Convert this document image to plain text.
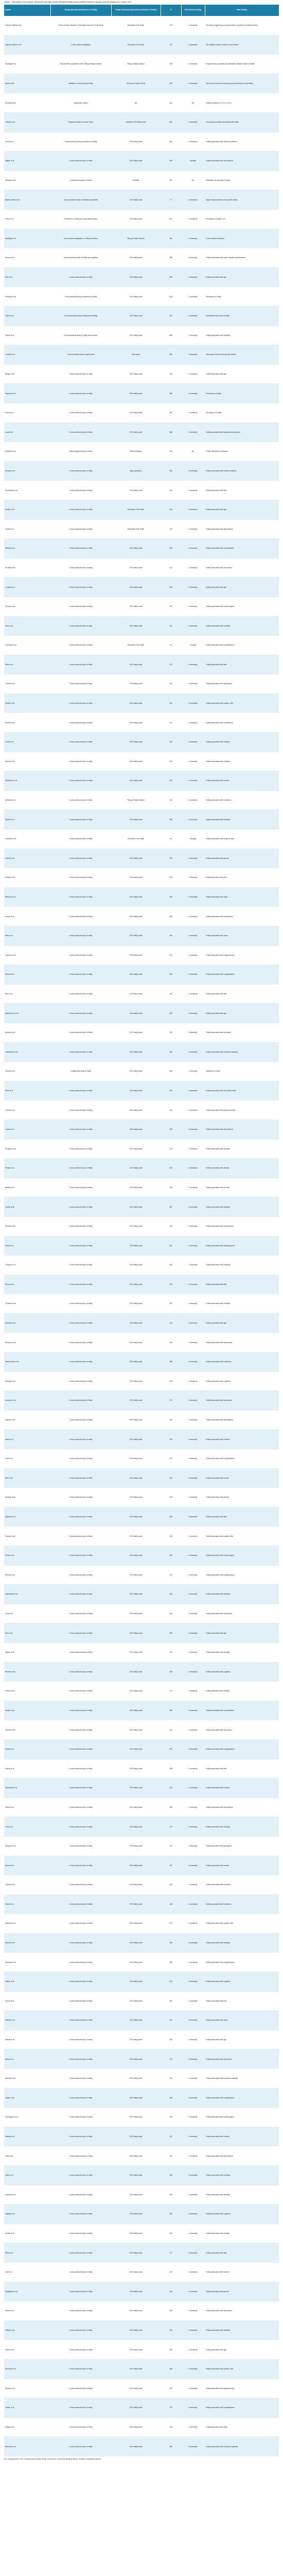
Chart 1 - Description of the sample, instruments and main results of Brazilian frailty studies published between January 2000 and August 2017. Brazil, 2017

Author	Design (prevalence/incidence of frailty)	Frailty Instrument (operational definition of frailty)	N	Recruitment setting	Main finding
Fabrício-Wehbe et al.	Cross-cultural validation of Brazilian Edmonton Frail Scale	Edmonton Frail Scale	137	Community	The study suggests good psychometric properties for Brazil version
Fabrício-Wehbe et al.	Cross-cultural adaptation	Edmonton Frail Scale	137	Community	The adapted scale is valid for use in Brazil
Santiago et al.	Psychometric properties of the Tilburg Frailty Indicator	Tilburg Frailty Indicator	478	Community	Psychometric properties and validation indicate scale is reliable
Nunes et al.	Validation of self-reported frailty	Self-report frailty (Fried)	433	Community	Self-report instrument showed good sensitivity and specificity
Da Mata et al.	Systematic review	NA	NA	NA	Frailty prevalence 6.7% to 74.1%
Tribess et al.	Physical activity as central factor	Modified CHS frailty scale	622	Community	Low physical activity associated with frailty
Closs et al.	Cross-sectional study association of frailty	CHS frailty scale	521	Community	Frailty associated with clinical conditions
Miguel et al.	Cross-sectional study of frailty	CHS frailty scale	259	Hospital	Frailty associated with dependence
Andrade et al.	Conceptual analysis of frailty	Concept	NA	NA	Reflection on concepts of frailty
Batista-Vieira et al.	Cross-sectional study in Brazilian population	CHS frailty scale	77	Community	Higher blood pressure among frail elderly
Vieira et al.	Prevalence of frailty and associated factors	CHS frailty scale	601	Community	Prevalence of frailty 9.1%
Santiago et al.	Cross-cultural adaptation of Tilburg indicator	Tilburg Frailty Indicator	NA	Community	Cross-cultural validation
Souza et al.	Cross-sectional study of frailty and cognition	CHS frailty scale	338	Community	Frailty associated with lower cognitive performance
Neri et al.	Cross-sectional study of frailty	CHS frailty scale	384	Community	Frailty associated with age
Pedrazzi et al.	Cross-sectional study prevalence of frailty	CHS frailty scale	2,112	Community	Prevalence of frailty
Fattori et al.	Cross-sectional study of frailty and mobility	CHS frailty scale	327	Community	Frail elderly had lower mobility
Fattori et al.	Cross-sectional study of frailty and function	CHS frailty scale	688	Community	Frailty associated with disability
Lenardt et al.	Cross-sectional study of gait speed	Gait speed	250	Community	Gait speed reduced among frail elderly
Borges et al.	Cross-sectional study of frailty	CHS frailty scale	160	Community	Frailty associated with age
Pegorari et al.	Cross-sectional study of frailty	CHS frailty scale	958	Community	Prevalence of frailty
Vieira et al.	Cross-sectional study of frailty	CHS frailty scale	601	Community	Prevalence of frailty
Lana et al.	Cross-sectional study of frailty	CHS frailty scale	386	Community	Frailty associated with depressive symptoms
Andrade et al.	Methodological study of frailty	Methodological	NA	NA	Frailty instruments reviewed
Moraes et al.	Cross-sectional study of frailty	Eight questions	394	Community	Frailty associated with health conditions
Fernandes et al.	Cross-sectional study of frailty	CHS frailty scale	100	Community	Frailty associated with falls
Duarte et al.	Cross-sectional study of frailty	Edmonton Frail Scale	240	Community	Frailty associated with age
Farias et al.	Cross-sectional study of frailty	Edmonton Frail Scale	124	Community	Frailty associated with dependence
Oliveira et al.	Cross-sectional study of frailty	CHS frailty scale	326	Community	Frailty associated with comorbidities
da Silva et al.	Cross-sectional study of frailty	CHS frailty scale	411	Community	Frailty associated with sarcopenia
Lenardt et al.	Cross-sectional study of frailty	CHS frailty scale	203	Community	Frailty associated with age
Ferreira et al.	Cross-sectional study of frailty	CHS frailty scale	311	Community	Frailty associated with social support
Pires et al.	Cross-sectional study of frailty	CHS frailty scale	121	Community	Frailty associated with mortality
Lourenço et al.	Cross-sectional study of frailty	Edmonton Frail Scale	60	Hospital	Frailty associated with hospitalization
Silva et al.	Cross-sectional study of frailty	CHS frailty scale	172	Community	Frailty associated with falls
Teixeira et al.	Cross-sectional study of frailty	CHS frailty scale	191	Community	Frailty associated with depression
Soares et al.	Cross-sectional study of frailty	CHS frailty scale	312	Community	Frailty associated with quality of life
Pereira et al.	Cross-sectional study of frailty	CHS frailty scale	167	Community	Frailty associated with medications
Costa et al.	Cross-sectional study of frailty	CHS frailty scale	120	Community	Frailty associated with nutrition
Ribeiro et al.	Cross-sectional study of frailty	CHS frailty scale	230	Community	Frailty associated with cognition
Rodrigues et al.	Cross-sectional study of frailty	CHS frailty scale	244	Community	Frailty associated with income
Almeida et al.	Cross-sectional study of frailty	Tilburg Frailty Indicator	130	Community	Frailty associated with loneliness
Santos et al.	Cross-sectional study of frailty	CHS frailty scale	350	Community	Frailty associated with disability
Carvalho et al.	Cross-sectional study of frailty	Edmonton Frail Scale	90	Hospital	Frailty associated with length of stay
Gomes et al.	Cross-sectional study of frailty	CHS frailty scale	278	Community	Frailty associated with gender
Martins et al.	Cross-sectional study of frailty	CHS frailty scale	205	Community	Frailty associated with pain
Barbosa et al.	Cross-sectional study of frailty	CHS frailty scale	153	Community	Frailty associated with sleep
Araújo et al.	Cross-sectional study of frailty	CHS frailty scale	268	Community	Frailty associated with hearing loss
Melo et al.	Cross-sectional study of frailty	CHS frailty scale	182	Community	Frailty associated with vision
Cardoso et al.	Cross-sectional study of frailty	CHS frailty scale	141	Community	Frailty associated with polypharmacy
Rocha et al.	Cross-sectional study of frailty	CHS frailty scale	226	Community	Frailty associated with hospitalization
Dias et al.	Cross-sectional study of frailty	CHS frailty scale	197	Community	Frailty associated with falls
Nascimento et al.	Cross-sectional study of frailty	CHS frailty scale	264	Community	Frailty associated with age
Moreira et al.	Cross-sectional study of frailty	CHS frailty scale	109	Community	Frailty associated with education
Cavalcante et al.	Cross-sectional study of frailty	CHS frailty scale	288	Community	Frailty associated with functional capacity
Teixeira et al.	Longitudinal study of frailty	CHS frailty scale	380	Community	Incidence of frailty
Pinto et al.	Cross-sectional study of frailty	CHS frailty scale	154	Community	Frailty associated with self-rated health
Correia et al.	Cross-sectional study of frailty	CHS frailty scale	213	Community	Frailty associated with physical activity
Lopes et al.	Cross-sectional study of frailty	CHS frailty scale	199	Community	Frailty associated with dependence
Monteiro et al.	Cross-sectional study of frailty	CHS frailty scale	176	Community	Frailty associated with strength
Freitas et al.	Cross-sectional study of frailty	CHS frailty scale	242	Community	Frailty associated with obesity
Batista et al.	Cross-sectional study of frailty	CHS frailty scale	135	Community	Frailty associated with anemia
Cunha et al.	Cross-sectional study of frailty	CHS frailty scale	257	Community	Frailty associated with diabetes
Mendes et al.	Cross-sectional study of frailty	CHS frailty scale	168	Community	Frailty associated with hypertension
Viana et al.	Cross-sectional study of frailty	CHS frailty scale	221	Community	Frailty associated with walking speed
Campos et al.	Cross-sectional study of frailty	CHS frailty scale	300	Community	Frailty associated with disability
Moura et al.	Cross-sectional study of frailty	CHS frailty scale	116	Community	Frailty associated with falls
Fonseca et al.	Cross-sectional study of frailty	CHS frailty scale	187	Community	Frailty associated with mortality
Andrade et al.	Cross-sectional study of frailty	CHS frailty scale	142	Community	Frailty associated with age
Pacheco et al.	Cross-sectional study of frailty	CHS frailty scale	231	Community	Frailty associated with widowhood
Vasconcelos et al.	Cross-sectional study of frailty	CHS frailty scale	158	Community	Frailty associated with loneliness
Miranda et al.	Cross-sectional study of frailty	CHS frailty scale	249	Community	Frailty associated with cognition
Azevedo et al.	Cross-sectional study of frailty	CHS frailty scale	174	Community	Frailty associated with depression
Queiroz et al.	Cross-sectional study of frailty	CHS frailty scale	209	Community	Frailty associated with dependence
Sales et al.	Cross-sectional study of frailty	CHS frailty scale	133	Community	Frailty associated with nutrition
Leite et al.	Cross-sectional study of frailty	CHS frailty scale	271	Community	Frailty associated with hospitalization
Brito et al.	Cross-sectional study of frailty	CHS frailty scale	192	Community	Frailty associated with income
Macedo et al.	Cross-sectional study of frailty	CHS frailty scale	146	Community	Frailty associated with gender
Siqueira et al.	Cross-sectional study of frailty	CHS frailty scale	238	Community	Frailty associated with falls
Tavares et al.	Cross-sectional study of frailty	CHS frailty scale	263	Community	Frailty associated with quality of life
Xavier et al.	Cross-sectional study of frailty	CHS frailty scale	181	Community	Frailty associated with social support
Peixoto et al.	Cross-sectional study of frailty	CHS frailty scale	127	Community	Frailty associated with polypharmacy
Guimarães et al.	Cross-sectional study of frailty	CHS frailty scale	218	Community	Frailty associated with disability
Cruz et al.	Cross-sectional study of frailty	CHS frailty scale	164	Community	Frailty associated with sarcopenia
Reis et al.	Cross-sectional study of frailty	CHS frailty scale	254	Community	Frailty associated with age
Aguiar et al.	Cross-sectional study of frailty	CHS frailty scale	139	Community	Frailty associated with strength
Bezerra et al.	Cross-sectional study of frailty	CHS frailty scale	226	Community	Frailty associated with cognition
Coelho et al.	Cross-sectional study of frailty	CHS frailty scale	171	Community	Frailty associated with mobility
Duarte et al.	Cross-sectional study of frailty	CHS frailty scale	208	Community	Frailty associated with comorbidities
Esteves et al.	Cross-sectional study of frailty	CHS frailty scale	152	Community	Frailty associated with depression
Farias et al.	Cross-sectional study of frailty	CHS frailty scale	297	Community	Frailty associated with hospitalization
Garcia et al.	Cross-sectional study of frailty	CHS frailty scale	185	Community	Frailty associated with falls
Henriques et al.	Cross-sectional study of frailty	CHS frailty scale	123	Community	Frailty associated with nutrition
Jesus et al.	Cross-sectional study of frailty	CHS frailty scale	246	Community	Frailty associated with dependence
Lima et al.	Cross-sectional study of frailty	CHS frailty scale	179	Community	Frailty associated with mortality
Marques et al.	Cross-sectional study of frailty	CHS frailty scale	212	Community	Frailty associated with gait speed
Neves et al.	Cross-sectional study of frailty	CHS frailty scale	167	Community	Frailty associated with income
Oliveira et al.	Cross-sectional study of frailty	CHS frailty scale	233	Community	Frailty associated with education
Paiva et al.	Cross-sectional study of frailty	CHS frailty scale	148	Community	Frailty associated with loneliness
Quintela et al.	Cross-sectional study of frailty	CHS frailty scale	276	Community	Frailty associated with quality of life
Ramos et al.	Cross-sectional study of frailty	CHS frailty scale	196	Community	Frailty associated with disability
Sampaio et al.	Cross-sectional study of frailty	CHS frailty scale	159	Community	Frailty associated with polypharmacy
Toledo et al.	Cross-sectional study of frailty	CHS frailty scale	224	Community	Frailty associated with cognition
Uchoa et al.	Cross-sectional study of frailty	CHS frailty scale	187	Community	Frailty associated with falls
Valente et al.	Cross-sectional study of frailty	CHS frailty scale	131	Community	Frailty associated with sleep
Zanetti et al.	Cross-sectional study of frailty	CHS frailty scale	258	Community	Frailty associated with age
Alves et al.	Cross-sectional study of frailty	CHS frailty scale	174	Community	Frailty associated with depression
Brandão et al.	Cross-sectional study of frailty	CHS frailty scale	215	Community	Frailty associated with functional capacity
Castro et al.	Cross-sectional study of frailty	CHS frailty scale	166	Community	Frailty associated with hospitalization
Domingues et al.	Cross-sectional study of frailty	CHS frailty scale	243	Community	Frailty associated with social support
Estrela et al.	Cross-sectional study of frailty	CHS frailty scale	137	Community	Frailty associated with nutrition
Faria et al.	Cross-sectional study of frailty	CHS frailty scale	229	Community	Frailty associated with dependence
Góes et al.	Cross-sectional study of frailty	CHS frailty scale	183	Community	Frailty associated with mortality
Holanda et al.	Cross-sectional study of frailty	CHS frailty scale	202	Community	Frailty associated with strength
Irigaray et al.	Cross-sectional study of frailty	CHS frailty scale	151	Community	Frailty associated with cognition
Jardim et al.	Cross-sectional study of frailty	CHS frailty scale	268	Community	Frailty associated with mobility
Klein et al.	Cross-sectional study of frailty	CHS frailty scale	177	Community	Frailty associated with falls
Leal et al.	Cross-sectional study of frailty	CHS frailty scale	219	Community	Frailty associated with income
Magalhães et al.	Cross-sectional study of frailty	CHS frailty scale	163	Community	Frailty associated with gender
Nobre et al.	Cross-sectional study of frailty	CHS frailty scale	236	Community	Frailty associated with depression
Orlandi et al.	Cross-sectional study of frailty	CHS frailty scale	144	Community	Frailty associated with disability
Prado et al.	Cross-sectional study of frailty	CHS frailty scale	251	Community	Frailty associated with age
Rezende et al.	Cross-sectional study of frailty	CHS frailty scale	188	Community	Frailty associated with quality of life
Silveira et al.	Cross-sectional study of frailty	CHS frailty scale	207	Community	Frailty associated with polypharmacy
Tomaz et al.	Cross-sectional study of frailty	CHS frailty scale	172	Community	Frailty associated with hospitalization
Vargas et al.	Cross-sectional study of frailty	CHS frailty scale	228	Community	Frailty associated with sleep
Werneck et al.	Cross-sectional study of frailty	CHS frailty scale	156	Community	Frailty associated with functional capacity

NA, not applicable; CHS, Cardiovascular Health Study; Community, community-dwelling elderly; Hospital, hospitalized elderly.
